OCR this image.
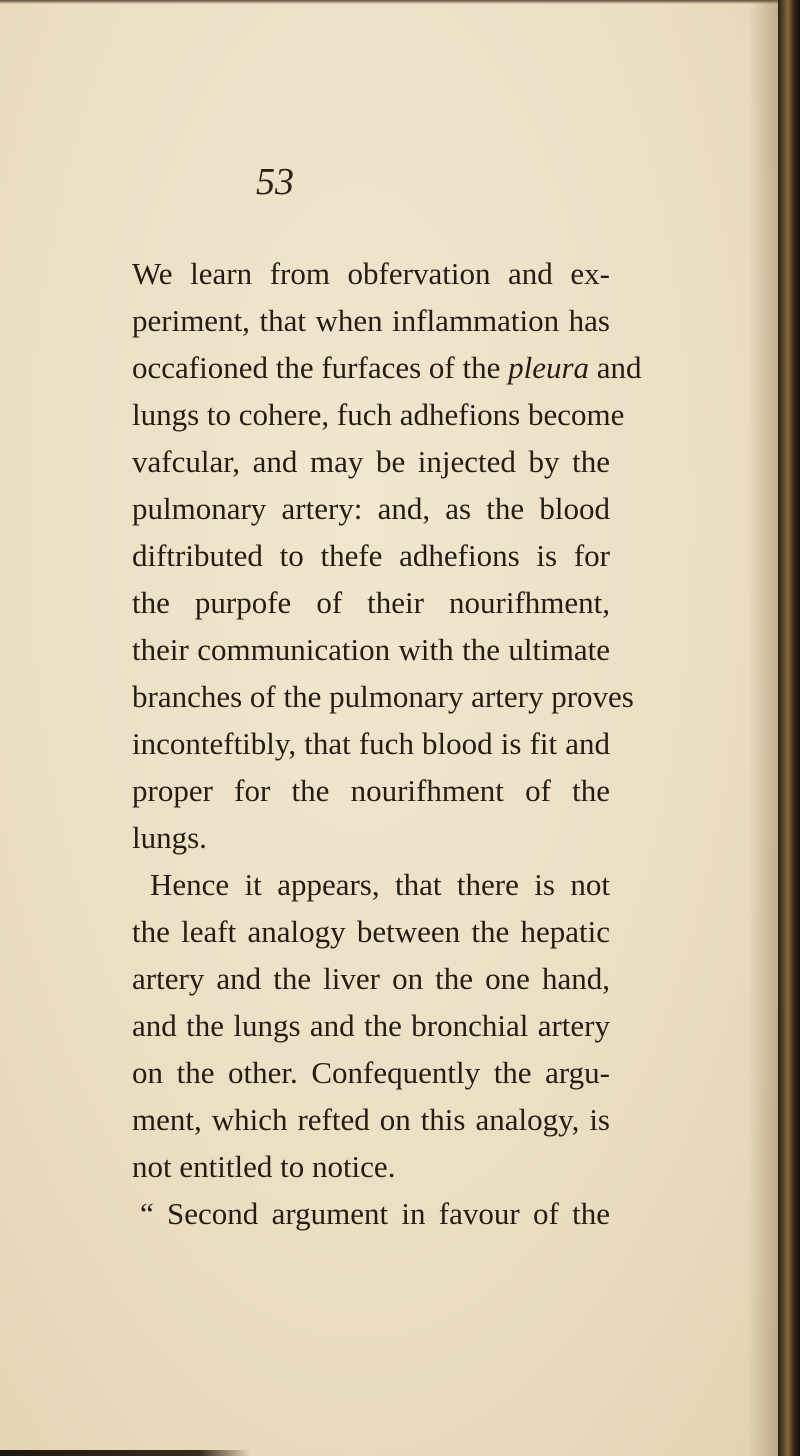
53
We learn from obfervation and ex-
periment, that when inflammation has
occafioned the furfaces of the pleura and
lungs to cohere, fuch adhefions become
vafcular, and may be injected by the
pulmonary artery: and, as the blood
diftributed to thefe adhefions is for
the purpofe of their nourifhment,
their communication with the ultimate
branches of the pulmonary artery proves
inconteftibly, that fuch blood is fit and
proper for the nourifhment of the
lungs.
Hence it appears, that there is not
the leaft analogy between the hepatic
artery and the liver on the one hand,
and the lungs and the bronchial artery
on the other. Confequently the argu-
ment, which refted on this analogy, is
not entitled to notice.
“ Second argument in favour of the
